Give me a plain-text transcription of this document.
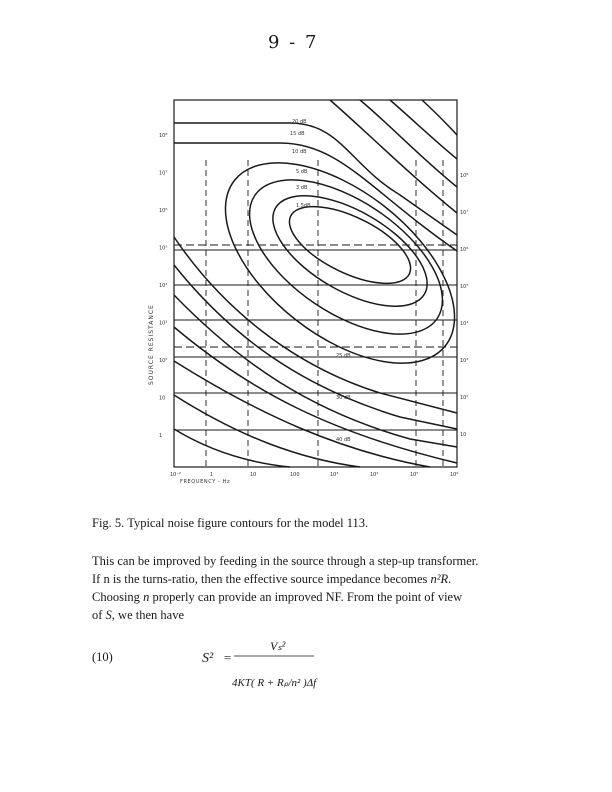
9 - 7
10⁸
10⁷
10⁶
10⁵
10⁴
10³
10²
10
1
10⁸
10⁷
10⁶
10⁵
10⁴
10³
10²
10
10⁻²	1	10	100	10³	10⁴	10⁵	10⁶
1.5dB
3 dB
5 dB
10 dB
15 dB
20 dB
25 dB
30 dB
40 dB
SOURCE RESISTANCE
FREQUENCY - Hz
Fig. 5. Typical noise figure contours for the model 113.

This can be improved by feeding in the source through a step-up transformer.

If n is the turns-ratio, then the effective source impedance becomes n²R.

Choosing n properly can provide an improved NF. From the point of view

of S, we then have

(10)	S² =
Vₛ²
4KT( R + Rₚ/n² )Δf
